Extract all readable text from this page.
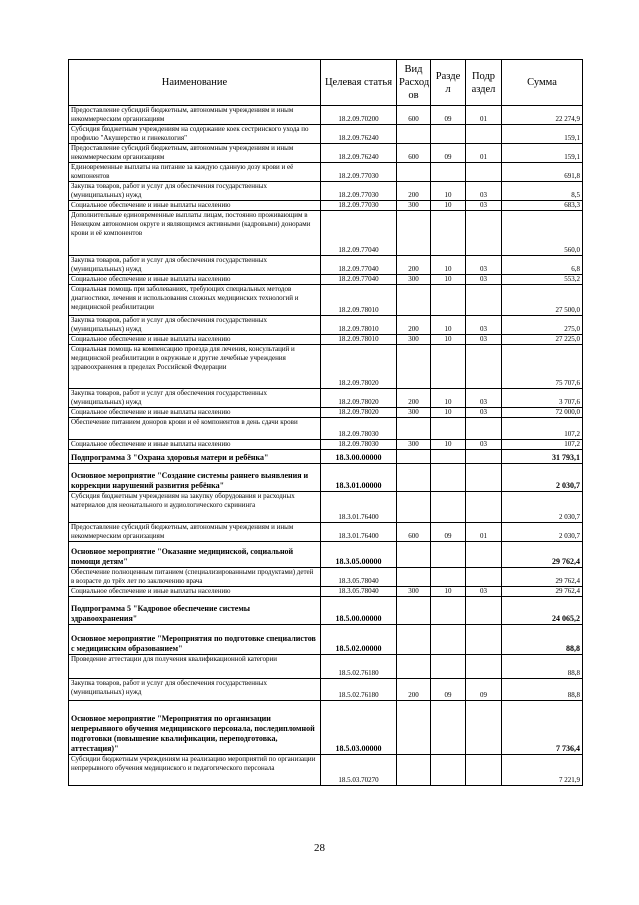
Наименование	Целевая статья	Вид Расход ов	Разде л	Подр аздел	Сумма
Предоставление субсидий бюджетным, автономным учреждениям и иным некоммерческим организациям	18.2.09.70200	600	09	01	22 274,9
Субсидия бюджетным учреждениям на содержание коек сестринского ухода по профилю "Акушерство и гинекология"	18.2.09.76240				159,1
Предоставление субсидий бюджетным, автономным учреждениям и иным некоммерческим организациям	18.2.09.76240	600	09	01	159,1
Единовременные выплаты на питание за каждую сданную дозу крови и её компонентов	18.2.09.77030				691,8
Закупка товаров, работ и услуг для обеспечения государственных (муниципальных) нужд	18.2.09.77030	200	10	03	8,5
Социальное обеспечение и иные выплаты населению	18.2.09.77030	300	10	03	683,3
Дополнительные единовременные выплаты лицам, постоянно проживающим в Ненецком автономном округе и являющимся активными (кадровыми) донорами крови и её компонентов	18.2.09.77040				560,0
Закупка товаров, работ и услуг для обеспечения государственных (муниципальных) нужд	18.2.09.77040	200	10	03	6,8
Социальное обеспечение и иные выплаты населению	18.2.09.77040	300	10	03	553,2
Социальная помощь при заболеваниях, требующих специальных методов диагностики, лечения и использования сложных медицинских технологий и медицинской реабилитации	18.2.09.78010				27 500,0
Закупка товаров, работ и услуг для обеспечения государственных (муниципальных) нужд	18.2.09.78010	200	10	03	275,0
Социальное обеспечение и иные выплаты населению	18.2.09.78010	300	10	03	27 225,0
Социальная помощь на компенсацию проезда для лечения, консультаций и медицинской реабилитации в окружные и другие лечебные учреждения здравоохранения в пределах Российской Федерации	18.2.09.78020				75 707,6
Закупка товаров, работ и услуг для обеспечения государственных (муниципальных) нужд	18.2.09.78020	200	10	03	3 707,6
Социальное обеспечение и иные выплаты населению	18.2.09.78020	300	10	03	72 000,0
Обеспечение питанием доноров крови и её компонентов в день сдачи крови	18.2.09.78030				107,2
Социальное обеспечение и иные выплаты населению	18.2.09.78030	300	10	03	107,2
Подпрограмма 3 "Охрана здоровья матери и ребёнка"	18.3.00.00000				31 793,1
Основное мероприятие "Создание системы раннего выявления и коррекции нарушений развития ребёнка"	18.3.01.00000				2 030,7
Субсидия бюджетным учреждениям на закупку оборудования и расходных материалов для неонатального и аудиологического скрининга	18.3.01.76400				2 030,7
Предоставление субсидий бюджетным, автономным учреждениям и иным некоммерческим организациям	18.3.01.76400	600	09	01	2 030,7
Основное мероприятие "Оказание медицинской, социальной помощи детям"	18.3.05.00000				29 762,4
Обеспечение полноценным питанием (специализированными продуктами) детей в возрасте до трёх лет по заключению врача	18.3.05.78040				29 762,4
Социальное обеспечение и иные выплаты населению	18.3.05.78040	300	10	03	29 762,4
Подпрограмма 5 "Кадровое обеспечение системы здравоохранения"	18.5.00.00000				24 065,2
Основное мероприятие "Мероприятия по подготовке специалистов с медицинским образованием"	18.5.02.00000				88,8
Проведение аттестации для получения квалификационной категории	18.5.02.76180				88,8
Закупка товаров, работ и услуг для обеспечения государственных (муниципальных) нужд	18.5.02.76180	200	09	09	88,8
Основное мероприятие "Мероприятия по организации непрерывного обучения медицинского персонала, последипломной подготовки (повышение квалификации, переподготовка, аттестация)"	18.5.03.00000				7 736,4
Субсидии бюджетным учреждениям на реализацию мероприятий по организации непрерывного обучения медицинского и педагогического персонала	18.5.03.70270				7 221,9
28
